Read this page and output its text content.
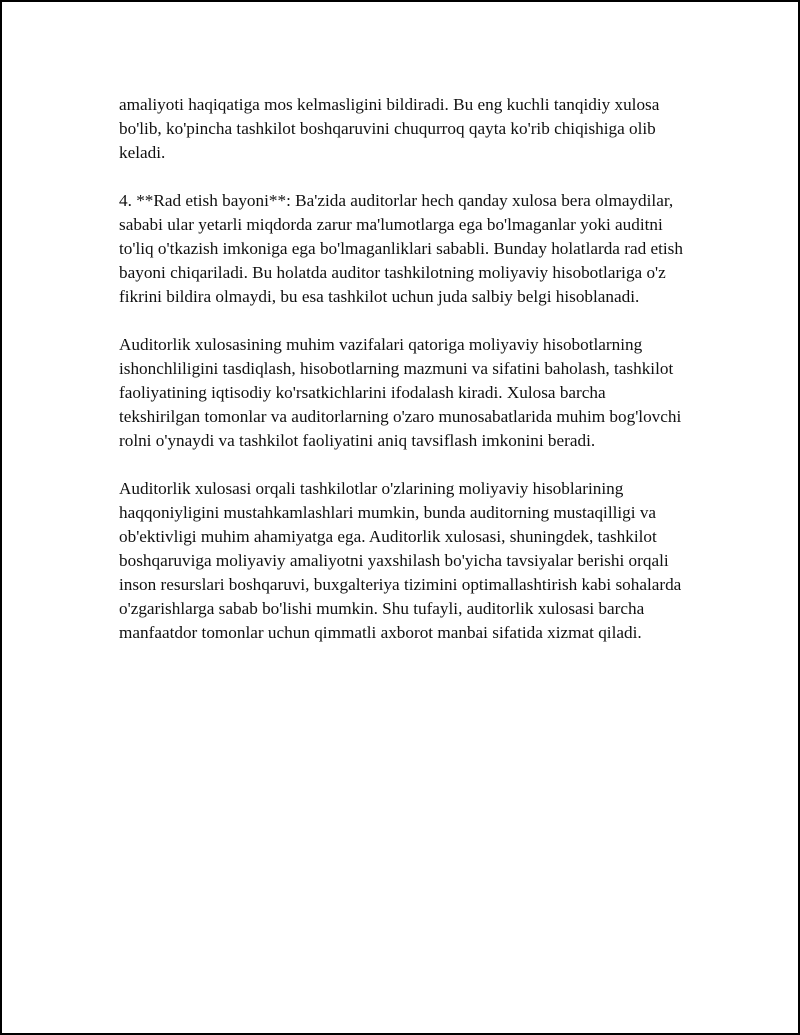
amaliyoti haqiqatiga mos kelmasligini bildiradi. Bu eng kuchli tanqidiy xulosa bo'lib, ko'pincha tashkilot boshqaruvini chuqurroq qayta ko'rib chiqishiga olib keladi.

4. **Rad etish bayoni**: Ba'zida auditorlar hech qanday xulosa bera olmaydilar, sababi ular yetarli miqdorda zarur ma'lumotlarga ega bo'lmaganlar yoki auditni to'liq o'tkazish imkoniga ega bo'lmaganliklari sababli. Bunday holatlarda rad etish bayoni chiqariladi. Bu holatda auditor tashkilotning moliyaviy hisobotlariga o'z fikrini bildira olmaydi, bu esa tashkilot uchun juda salbiy belgi hisoblanadi.

Auditorlik xulosasining muhim vazifalari qatoriga moliyaviy hisobotlarning ishonchliligini tasdiqlash, hisobotlarning mazmuni va sifatini baholash, tashkilot faoliyatining iqtisodiy ko'rsatkichlarini ifodalash kiradi. Xulosa barcha tekshirilgan tomonlar va auditorlarning o'zaro munosabatlarida muhim bog'lovchi rolni o'ynaydi va tashkilot faoliyatini aniq tavsiflash imkonini beradi.

Auditorlik xulosasi orqali tashkilotlar o'zlarining moliyaviy hisoblarining haqqoniyligini mustahkamlashlari mumkin, bunda auditorning mustaqilligi va ob'ektivligi muhim ahamiyatga ega. Auditorlik xulosasi, shuningdek, tashkilot boshqaruviga moliyaviy amaliyotni yaxshilash bo'yicha tavsiyalar berishi orqali inson resurslari boshqaruvi, buxgalteriya tizimini optimallashtirish kabi sohalarda o'zgarishlarga sabab bo'lishi mumkin. Shu tufayli, auditorlik xulosasi barcha manfaatdor tomonlar uchun qimmatli axborot manbai sifatida xizmat qiladi.
